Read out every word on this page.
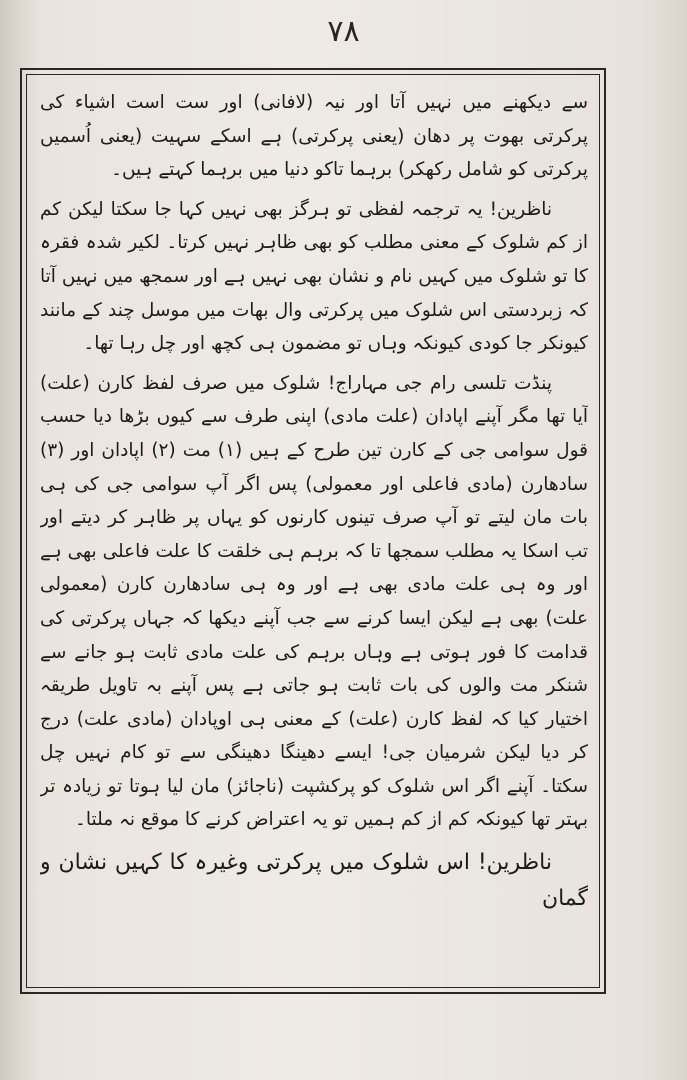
۷۸

سے دیکھنے میں نہیں آتا اور نیہ (لافانی) اور ست است اشیاء کی پرکرتی بھوت پر دھان (یعنی پرکرتی) ہے اسکے سہیت (یعنی اُسمیں پرکرتی کو شامل رکھکر) برہما تاکو دنیا میں برہما کہتے ہیں۔

ناظرین! یہ ترجمہ لفظی تو ہرگز بھی نہیں کہا جا سکتا لیکن کم از کم شلوک کے معنی مطلب کو بھی ظاہر نہیں کرتا۔ لکیر شدہ فقرہ کا تو شلوک میں کہیں نام و نشان بھی نہیں ہے اور سمجھ میں نہیں آتا کہ زبردستی اس شلوک میں پرکرتی وال بھات میں موسل چند کے مانند کیونکر جا کودی کیونکہ وہاں تو مضمون ہی کچھ اور چل رہا تھا۔

پنڈت تلسی رام جی مہاراج! شلوک میں صرف لفظ کارن (علت) آیا تھا مگر آپنے اپادان (علت مادی) اپنی طرف سے کیوں بڑھا دیا حسب قول سوامی جی کے کارن تین طرح کے ہیں (۱) مت (۲) اپادان اور (۳) سادھارن (مادی فاعلی اور معمولی) پس اگر آپ سوامی جی کی ہی بات مان لیتے تو آپ صرف تینوں کارنوں کو یہاں پر ظاہر کر دیتے اور تب اسکا یہ مطلب سمجھا تا کہ برہم ہی خلقت کا علت فاعلی بھی ہے اور وہ ہی علت مادی بھی ہے اور وہ ہی سادھارن کارن (معمولی علت) بھی ہے لیکن ایسا کرنے سے جب آپنے دیکھا کہ جہاں پرکرتی کی قدامت کا فور ہوتی ہے وہاں برہم کی علت مادی ثابت ہو جانے سے شنکر مت والوں کی بات ثابت ہو جاتی ہے پس آپنے بہ تاویل طریقہ اختیار کیا کہ لفظ کارن (علت) کے معنی ہی اوپادان (مادی علت) درج کر دیا لیکن شرمیان جی! ایسے دھینگا دھینگی سے تو کام نہیں چل سکتا۔ آپنے اگر اس شلوک کو پرکشپت (ناجائز) مان لیا ہوتا تو زیادہ تر بہتر تھا کیونکہ کم از کم ہمیں تو یہ اعتراض کرنے کا موقع نہ ملتا۔

ناظرین! اس شلوک میں پرکرتی وغیرہ کا کہیں نشان و گمان
